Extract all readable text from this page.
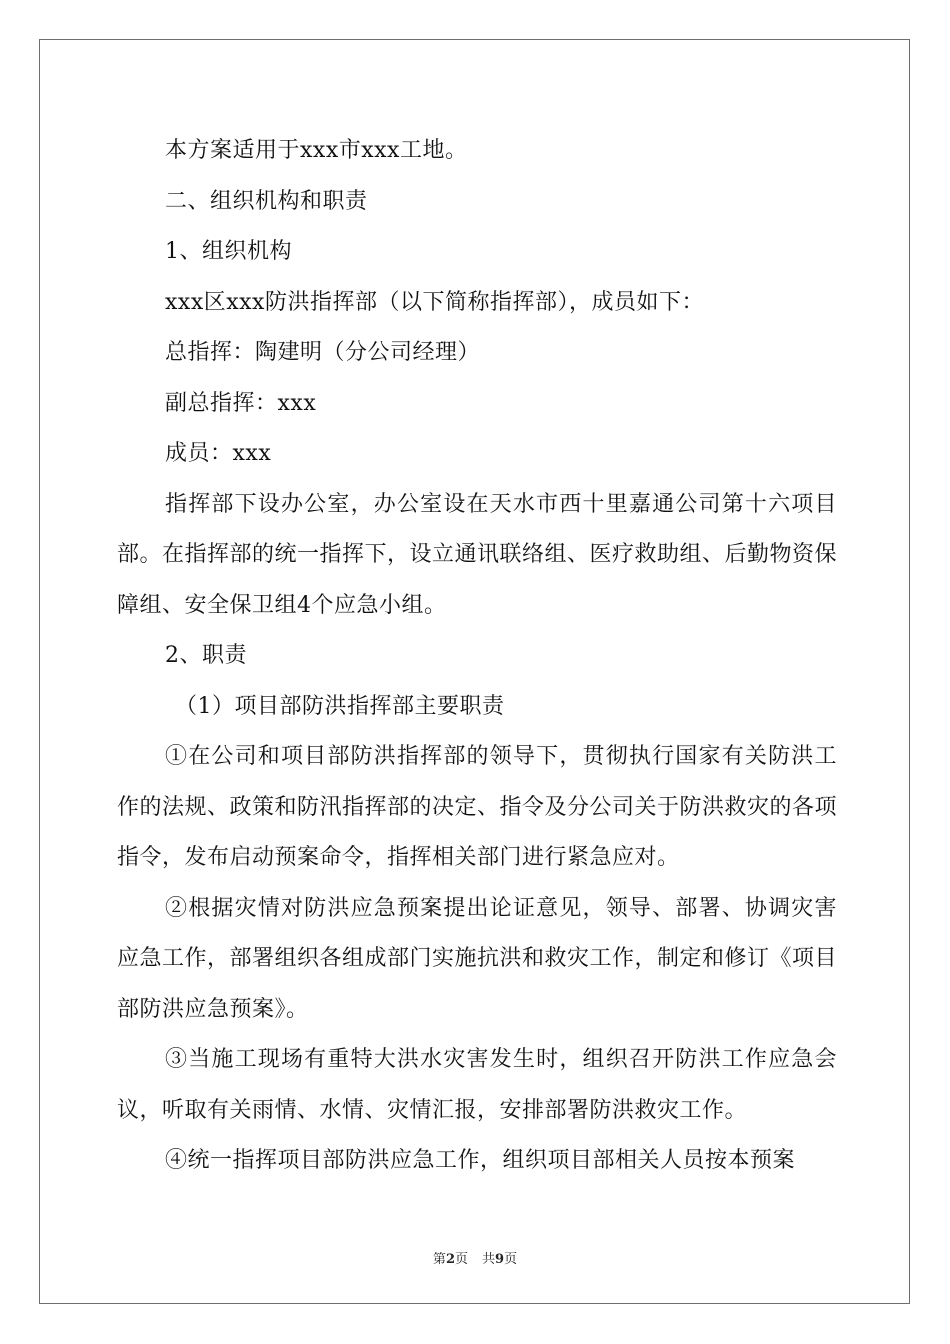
本方案适用于xxx市xxx工地。

二、组织机构和职责

1、组织机构

xxx区xxx防洪指挥部（以下简称指挥部），成员如下：

总指挥：陶建明（分公司经理）

副总指挥：xxx

成员：xxx

指挥部下设办公室，办公室设在天水市西十里嘉通公司第十六项目部。在指挥部的统一指挥下，设立通讯联络组、医疗救助组、后勤物资保障组、安全保卫组4个应急小组。

2、职责

（1）项目部防洪指挥部主要职责

①在公司和项目部防洪指挥部的领导下，贯彻执行国家有关防洪工作的法规、政策和防汛指挥部的决定、指令及分公司关于防洪救灾的各项指令，发布启动预案命令，指挥相关部门进行紧急应对。

②根据灾情对防洪应急预案提出论证意见，领导、部署、协调灾害应急工作，部署组织各组成部门实施抗洪和救灾工作，制定和修订《项目部防洪应急预案》。

③当施工现场有重特大洪水灾害发生时，组织召开防洪工作应急会议，听取有关雨情、水情、灾情汇报，安排部署防洪救灾工作。

④统一指挥项目部防洪应急工作，组织项目部相关人员按本预案

第2页 共9页
